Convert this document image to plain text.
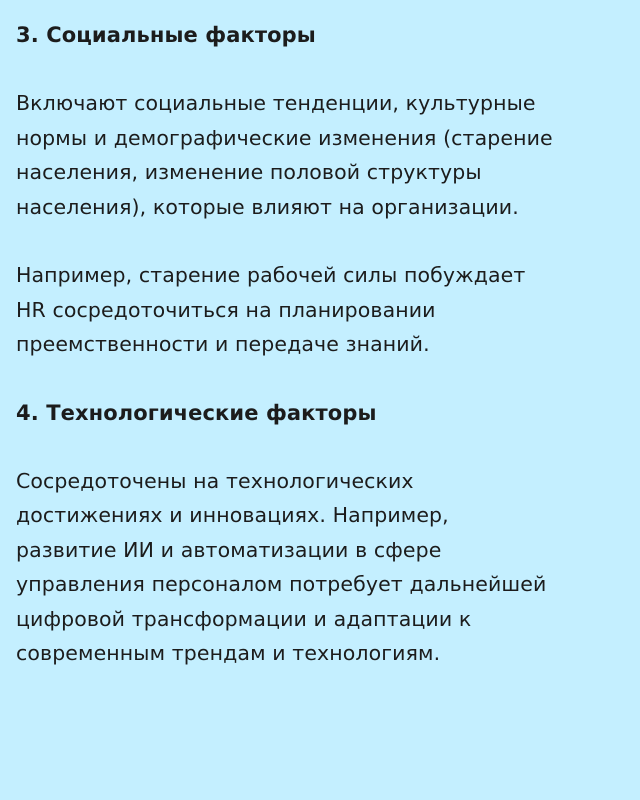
3. Социальные факторы

Включают социальные тенденции, культурные
нормы и демографические изменения (старение
населения, изменение половой структуры
населения), которые влияют на организации.

Например, старение рабочей силы побуждает
HR сосредоточиться на планировании
преемственности и передаче знаний.

4. Технологические факторы

Сосредоточены на технологических
достижениях и инновациях. Например,
развитие ИИ и автоматизации в сфере
управления персоналом потребует дальнейшей
цифровой трансформации и адаптации к
современным трендам и технологиям.
